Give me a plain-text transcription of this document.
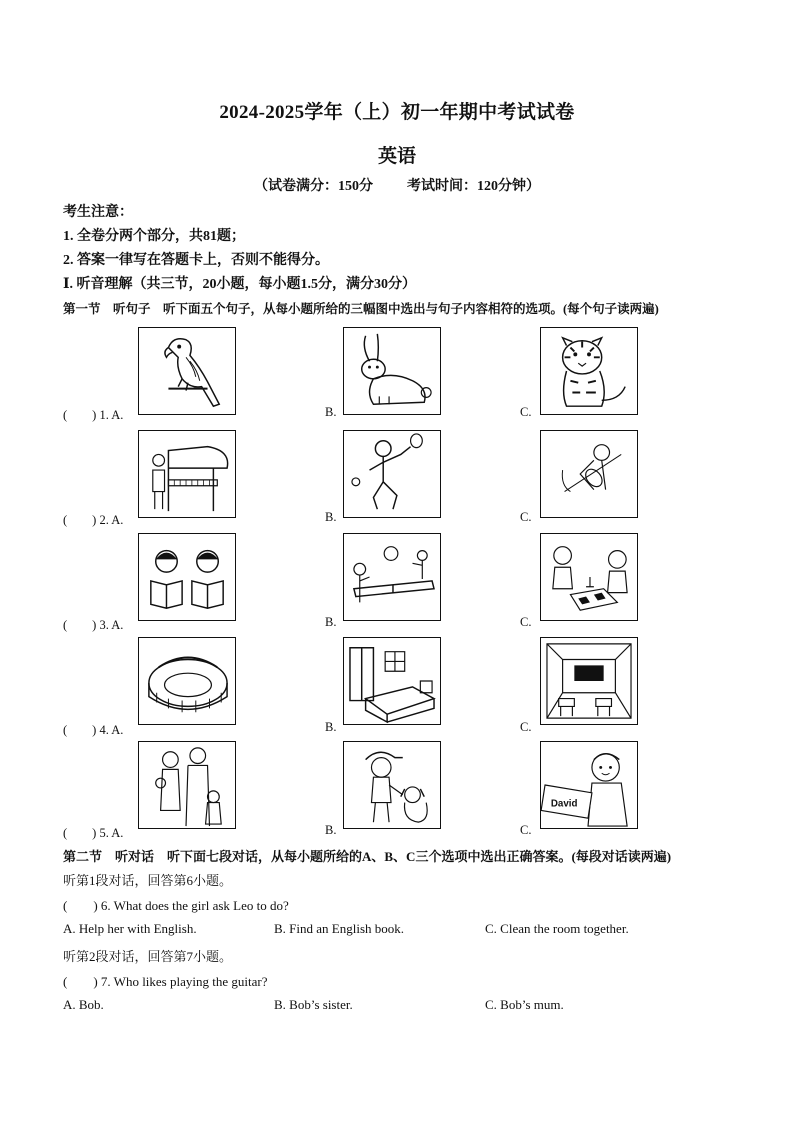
2024-2025学年（上）初一年期中考试试卷
英语
（试卷满分：150分 考试时间：120分钟）
考生注意：
1. 全卷分两个部分，共81题；
2. 答案一律写在答题卡上，否则不能得分。
Ⅰ. 听音理解（共三节，20小题，每小题1.5分，满分30分）
第一节　听句子　听下面五个句子，从每小题所给的三幅图中选出与句子内容相符的选项。(每个句子读两遍)
(　　) 1. A.	B.	C.
(　　) 2. A.	B.	C.
(　　) 3. A.	B.	C.
(　　) 4. A.	B.	C.
(　　) 5. A.	B.	C.
David
第二节　听对话　听下面七段对话，从每小题所给的A、B、C三个选项中选出正确答案。(每段对话读两遍)
听第1段对话，回答第6小题。
(　　) 6. What does the girl ask Leo to do?
A. Help her with English.	B. Find an English book.	C. Clean the room together.
听第2段对话，回答第7小题。
(　　) 7. Who likes playing the guitar?
A. Bob.	B. Bob’s sister.	C. Bob’s mum.
